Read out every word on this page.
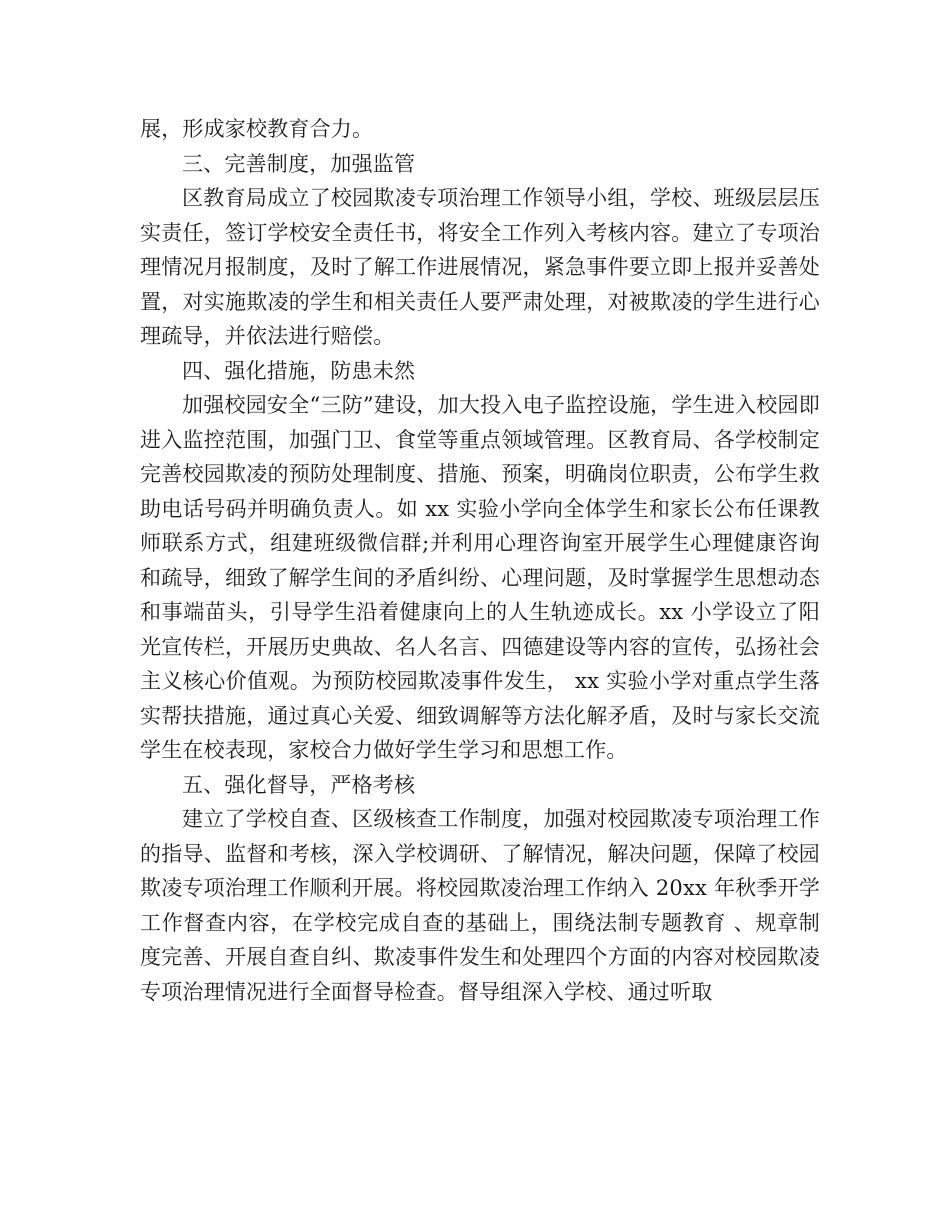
展，形成家校教育合力。

三、完善制度，加强监管

区教育局成立了校园欺凌专项治理工作领导小组，学校、班级层层压实责任，签订学校安全责任书，将安全工作列入考核内容。建立了专项治理情况月报制度，及时了解工作进展情况，紧急事件要立即上报并妥善处置，对实施欺凌的学生和相关责任人要严肃处理，对被欺凌的学生进行心理疏导，并依法进行赔偿。

四、强化措施，防患未然

加强校园安全“三防”建设，加大投入电子监控设施，学生进入校园即进入监控范围，加强门卫、食堂等重点领域管理。区教育局、各学校制定完善校园欺凌的预防处理制度、措施、预案，明确岗位职责，公布学生救助电话号码并明确负责人。如 xx 实验小学向全体学生和家长公布任课教师联系方式，组建班级微信群;并利用心理咨询室开展学生心理健康咨询和疏导，细致了解学生间的矛盾纠纷、心理问题，及时掌握学生思想动态和事端苗头，引导学生沿着健康向上的人生轨迹成长。xx 小学设立了阳光宣传栏，开展历史典故、名人名言、四德建设等内容的宣传，弘扬社会主义核心价值观。为预防校园欺凌事件发生， xx 实验小学对重点学生落实帮扶措施，通过真心关爱、细致调解等方法化解矛盾，及时与家长交流学生在校表现，家校合力做好学生学习和思想工作。

五、强化督导，严格考核

建立了学校自查、区级核查工作制度，加强对校园欺凌专项治理工作的指导、监督和考核，深入学校调研、了解情况，解决问题，保障了校园欺凌专项治理工作顺利开展。将校园欺凌治理工作纳入 20xx 年秋季开学工作督查内容，在学校完成自查的基础上，围绕法制专题教育 、规章制度完善、开展自查自纠、欺凌事件发生和处理四个方面的内容对校园欺凌专项治理情况进行全面督导检查。督导组深入学校、通过听取
